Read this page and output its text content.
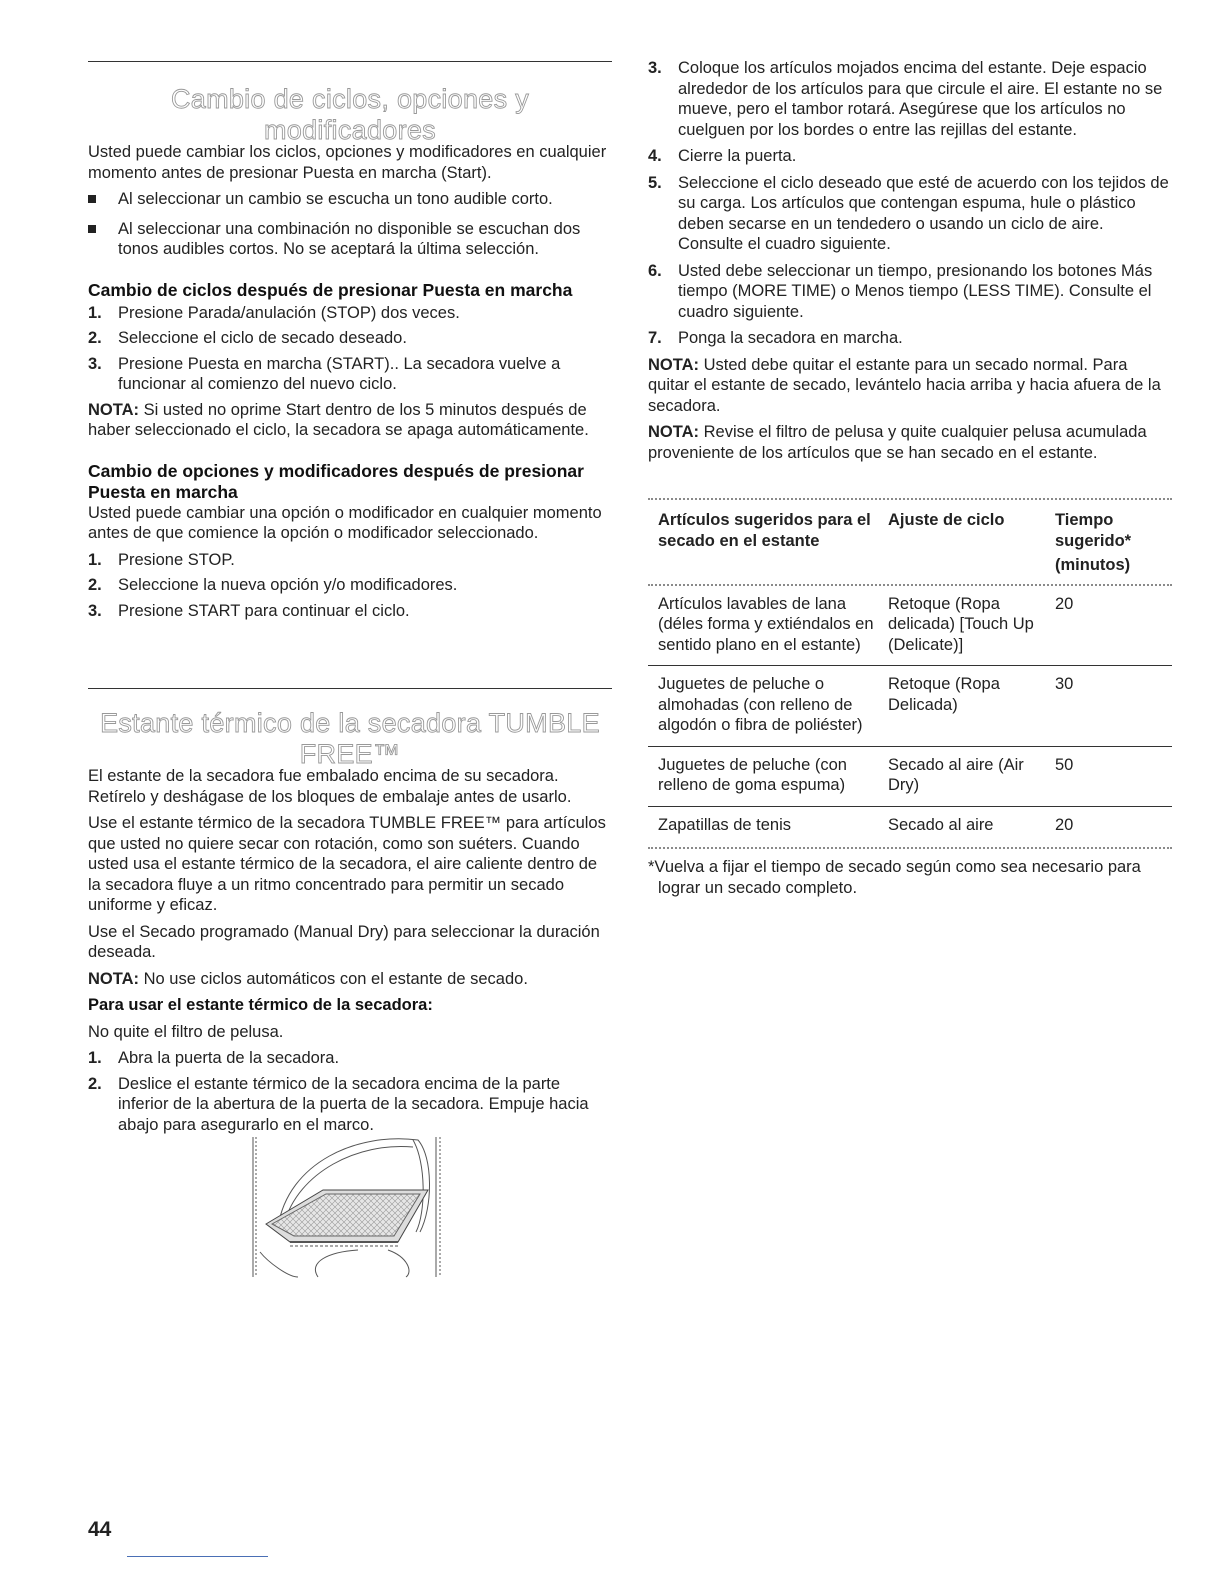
Cambio de ciclos, opciones y
modificadores

Usted puede cambiar los ciclos, opciones y modificadores en cualquier momento antes de presionar Puesta en marcha (Start).

Al seleccionar un cambio se escucha un tono audible corto.
Al seleccionar una combinación no disponible se escuchan dos tonos audibles cortos. No se aceptará la última selección.
Cambio de ciclos después de presionar Puesta en marcha
1. Presione Parada/anulación (STOP) dos veces.
2. Seleccione el ciclo de secado deseado.
3. Presione Puesta en marcha (START).. La secadora vuelve a funcionar al comienzo del nuevo ciclo.

NOTA: Si usted no oprime Start dentro de los 5 minutos después de haber seleccionado el ciclo, la secadora se apaga automáticamente.

Cambio de opciones y modificadores después de presionar Puesta en marcha

Usted puede cambiar una opción o modificador en cualquier momento antes de que comience la opción o modificador seleccionado.

1. Presione STOP.
2. Seleccione la nueva opción y/o modificadores.
3. Presione START para continuar el ciclo.
Estante térmico de la secadora TUMBLE
FREE™

El estante de la secadora fue embalado encima de su secadora. Retírelo y deshágase de los bloques de embalaje antes de usarlo.

Use el estante térmico de la secadora TUMBLE FREE™ para artículos que usted no quiere secar con rotación, como son suéters. Cuando usted usa el estante térmico de la secadora, el aire caliente dentro de la secadora fluye a un ritmo concentrado para permitir un secado uniforme y eficaz.

Use el Secado programado (Manual Dry) para seleccionar la duración deseada.

NOTA: No use ciclos automáticos con el estante de secado.

Para usar el estante térmico de la secadora:

No quite el filtro de pelusa.

1. Abra la puerta de la secadora.
2. Deslice el estante térmico de la secadora encima de la parte inferior de la abertura de la puerta de la secadora. Empuje hacia abajo para asegurarlo en el marco.
3. Coloque los artículos mojados encima del estante. Deje espacio alrededor de los artículos para que circule el aire. El estante no se mueve, pero el tambor rotará. Asegúrese que los artículos no cuelguen por los bordes o entre las rejillas del estante.
4. Cierre la puerta.
5. Seleccione el ciclo deseado que esté de acuerdo con los tejidos de su carga. Los artículos que contengan espuma, hule o plástico deben secarse en un tendedero o usando un ciclo de aire. Consulte el cuadro siguiente.
6. Usted debe seleccionar un tiempo, presionando los botones Más tiempo (MORE TIME) o Menos tiempo (LESS TIME). Consulte el cuadro siguiente.
7. Ponga la secadora en marcha.

NOTA: Usted debe quitar el estante para un secado normal. Para quitar el estante de secado, levántelo hacia arriba y hacia afuera de la secadora.

NOTA: Revise el filtro de pelusa y quite cualquier pelusa acumulada proveniente de los artículos que se han secado en el estante.

Artículos sugeridos para el secado en el estante	Ajuste de ciclo	Tiempo sugerido*
(minutos)
Artículos lavables de lana (déles forma y extiéndalos en sentido plano en el estante)	Retoque (Ropa delicada) [Touch Up (Delicate)]	20
Juguetes de peluche o almohadas (con relleno de algodón o fibra de poliéster)	Retoque (Ropa Delicada)	30
Juguetes de peluche (con relleno de goma espuma)	Secado al aire (Air Dry)	50
Zapatillas de tenis	Secado al aire	20

*Vuelva a fijar el tiempo de secado según como sea necesario para lograr un secado completo.

44
